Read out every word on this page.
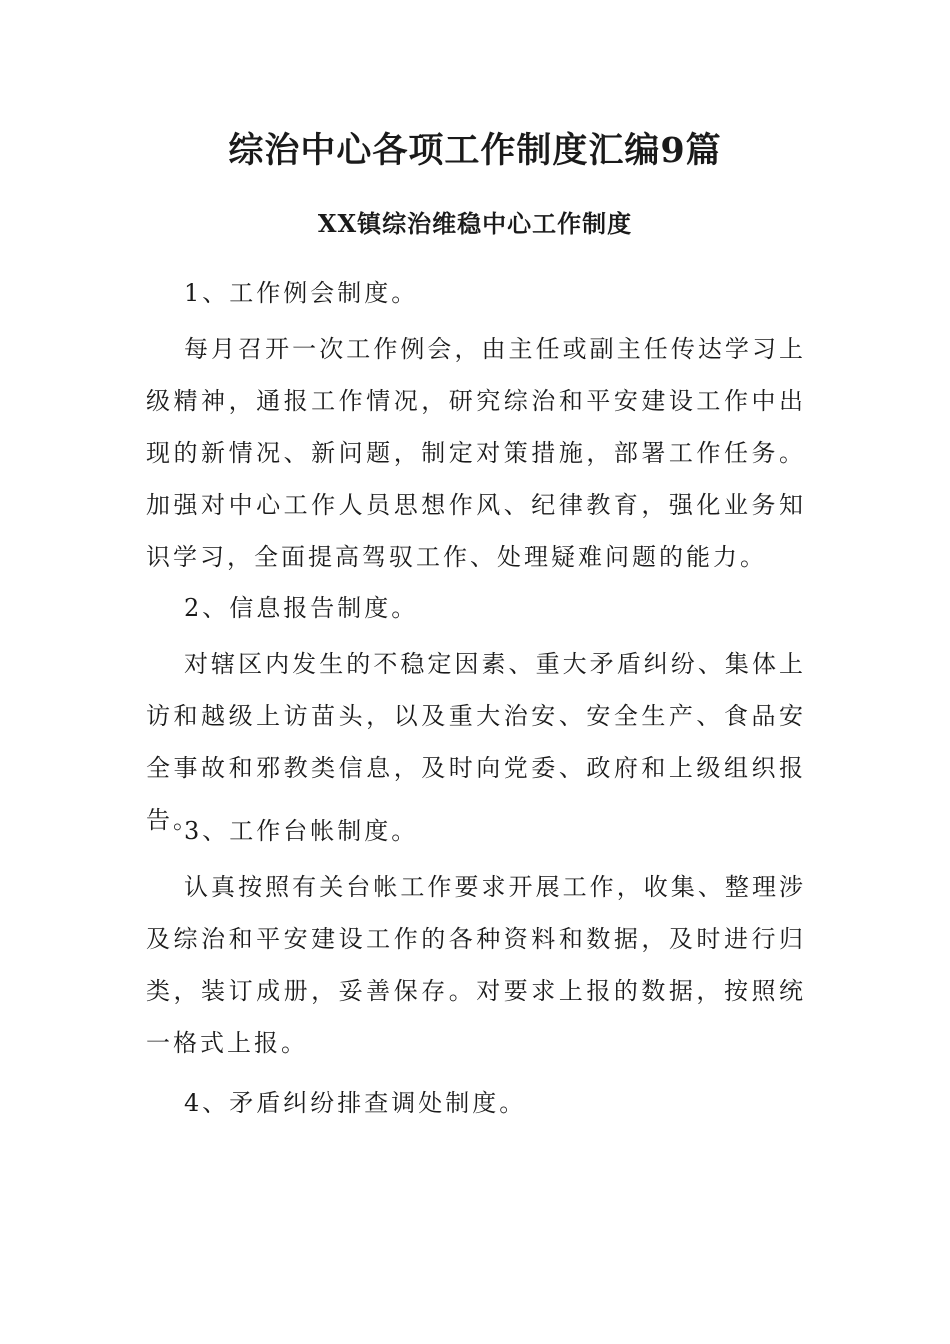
综治中心各项工作制度汇编9篇
XX镇综治维稳中心工作制度

1、工作例会制度。

每月召开一次工作例会，由主任或副主任传达学习上级精神，通报工作情况，研究综治和平安建设工作中出现的新情况、新问题，制定对策措施，部署工作任务。加强对中心工作人员思想作风、纪律教育，强化业务知识学习，全面提高驾驭工作、处理疑难问题的能力。

2、信息报告制度。

对辖区内发生的不稳定因素、重大矛盾纠纷、集体上访和越级上访苗头，以及重大治安、安全生产、食品安全事故和邪教类信息，及时向党委、政府和上级组织报告。

3、工作台帐制度。

认真按照有关台帐工作要求开展工作，收集、整理涉及综治和平安建设工作的各种资料和数据，及时进行归类，装订成册，妥善保存。对要求上报的数据，按照统一格式上报。

4、矛盾纠纷排查调处制度。
